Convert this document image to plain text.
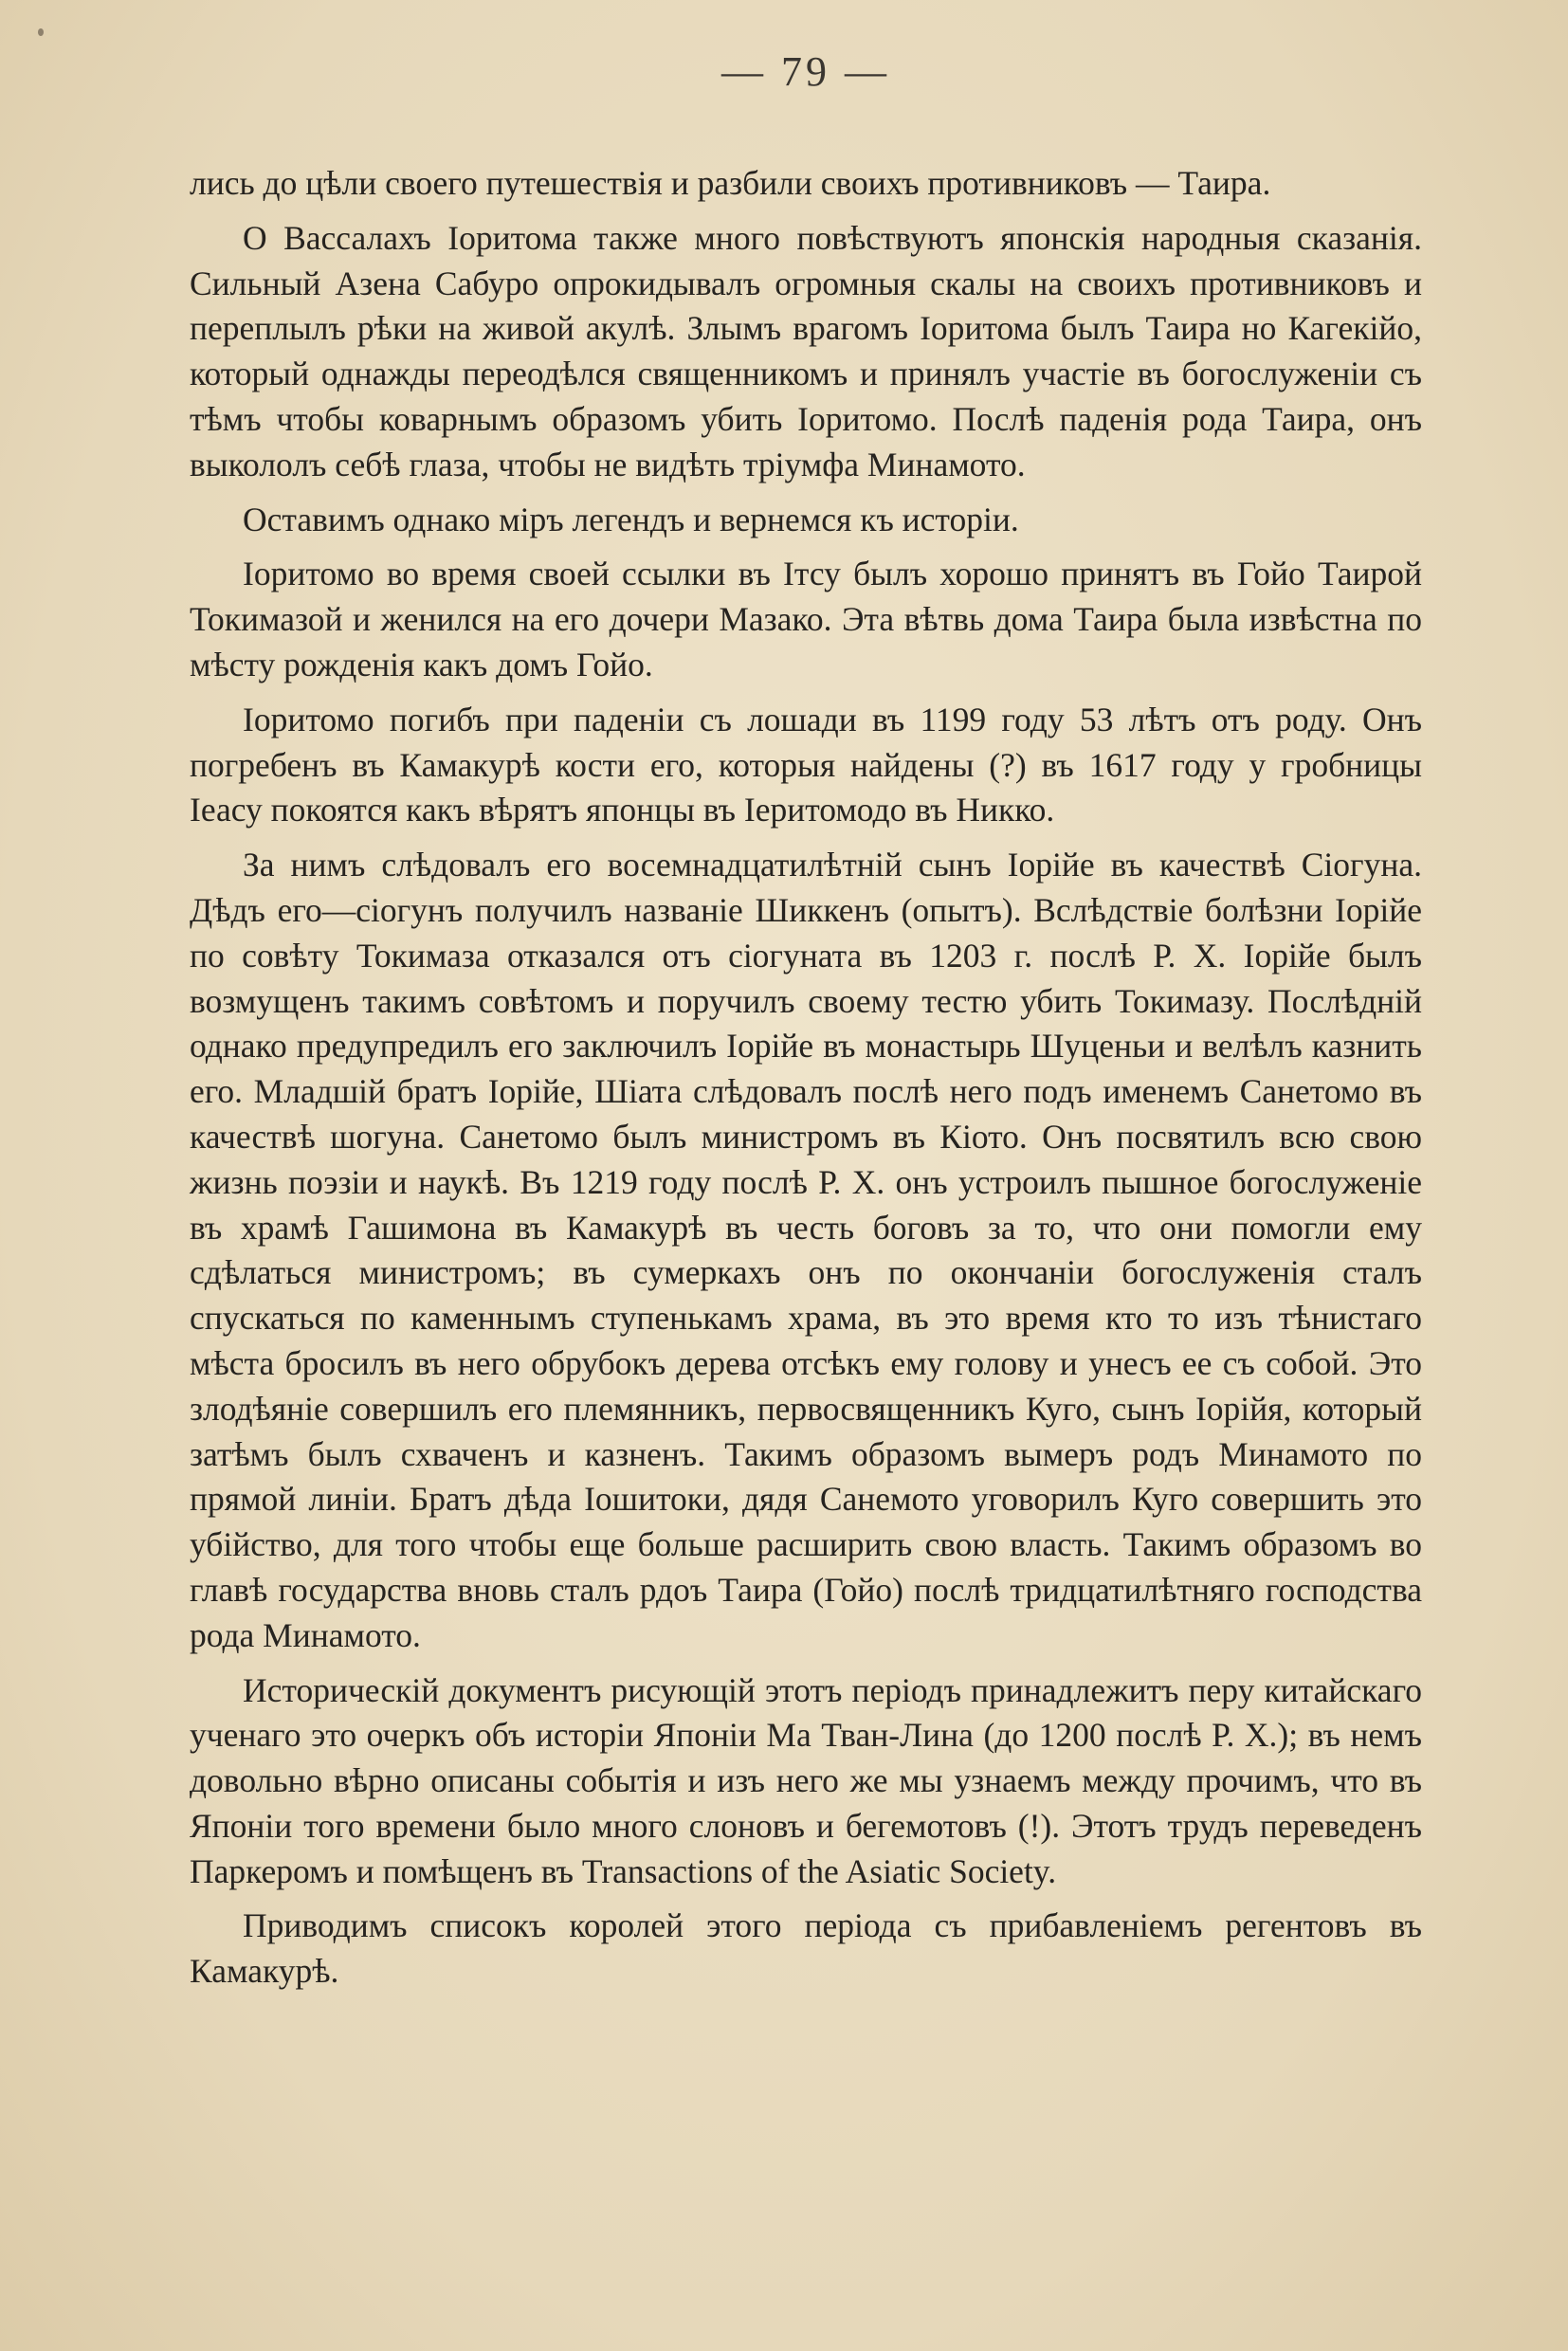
— 79 —

лись до цѣли своего путешествія и разбили своихъ противниковъ — Таира.

О Вассалахъ Іоритома также много повѣствуютъ японскія народныя сказанія. Сильный Азена Сабуро опрокидывалъ огромныя скалы на своихъ противниковъ и переплылъ рѣки на живой акулѣ. Злымъ врагомъ Іоритома былъ Таира но Кагекійо, который однажды переодѣлся священникомъ и принялъ участіе въ богослуженіи съ тѣмъ чтобы коварнымъ образомъ убить Іоритомо. Послѣ паденія рода Таира, онъ выкололъ себѣ глаза, чтобы не видѣть тріумфа Минамото.

Оставимъ однако міръ легендъ и вернемся къ исторіи.

Іоритомо во время своей ссылки въ Ітсу былъ хорошо принятъ въ Гойо Таирой Токимазой и женился на его дочери Мазако. Эта вѣтвь дома Таира была извѣстна по мѣсту рожденія какъ домъ Гойо.

Іоритомо погибъ при паденіи съ лошади въ 1199 году 53 лѣтъ отъ роду. Онъ погребенъ въ Камакурѣ кости его, которыя найдены (?) въ 1617 году у гробницы Іеасу покоятся какъ вѣрятъ японцы въ Іеритомодо въ Никко.

За нимъ слѣдовалъ его восемнадцатилѣтній сынъ Іорійе въ качествѣ Сіогуна. Дѣдъ его—сіогунъ получилъ названіе Шиккенъ (опытъ). Вслѣдствіе болѣзни Іорійе по совѣту Токимаза отказался отъ сіогуната въ 1203 г. послѣ Р. Х. Іорійе былъ возмущенъ такимъ совѣтомъ и поручилъ своему тестю убить Токимазу. Послѣдній однако предупредилъ его заключилъ Іорійе въ монастырь Шуценьи и велѣлъ казнить его. Младшій братъ Іорійе, Шіата слѣдовалъ послѣ него подъ именемъ Санетомо въ качествѣ шогуна. Санетомо былъ министромъ въ Кіото. Онъ посвятилъ всю свою жизнь поэзіи и наукѣ. Въ 1219 году послѣ Р. Х. онъ устроилъ пышное богослуженіе въ храмѣ Гашимона въ Камакурѣ въ честь боговъ за то, что они помогли ему сдѣлаться министромъ; въ сумеркахъ онъ по окончаніи богослуженія сталъ спускаться по каменнымъ ступенькамъ храма, въ это время кто то изъ тѣнистаго мѣста бросилъ въ него обрубокъ дерева отсѣкъ ему голову и унесъ ее съ собой. Это злодѣяніе совершилъ его племянникъ, первосвященникъ Куго, сынъ Іорійя, который затѣмъ былъ схваченъ и казненъ. Такимъ образомъ вымеръ родъ Минамото по прямой линіи. Братъ дѣда Іошитоки, дядя Санемото уговорилъ Куго совершить это убійство, для того чтобы еще больше расширить свою власть. Такимъ образомъ во главѣ государства вновь сталъ рдоъ Таира (Гойо) послѣ тридцатилѣтняго господства рода Минамото.

Историческій документъ рисующій этотъ періодъ принадлежитъ перу китайскаго ученаго это очеркъ объ исторіи Японіи Ма Тван-Лина (до 1200 послѣ Р. Х.); въ немъ довольно вѣрно описаны событія и изъ него же мы узнаемъ между прочимъ, что въ Японіи того времени было много слоновъ и бегемотовъ (!). Этотъ трудъ переведенъ Паркеромъ и помѣщенъ въ Transactions of the Asiatic Society.

Приводимъ списокъ королей этого періода съ прибавленіемъ регентовъ въ Камакурѣ.
